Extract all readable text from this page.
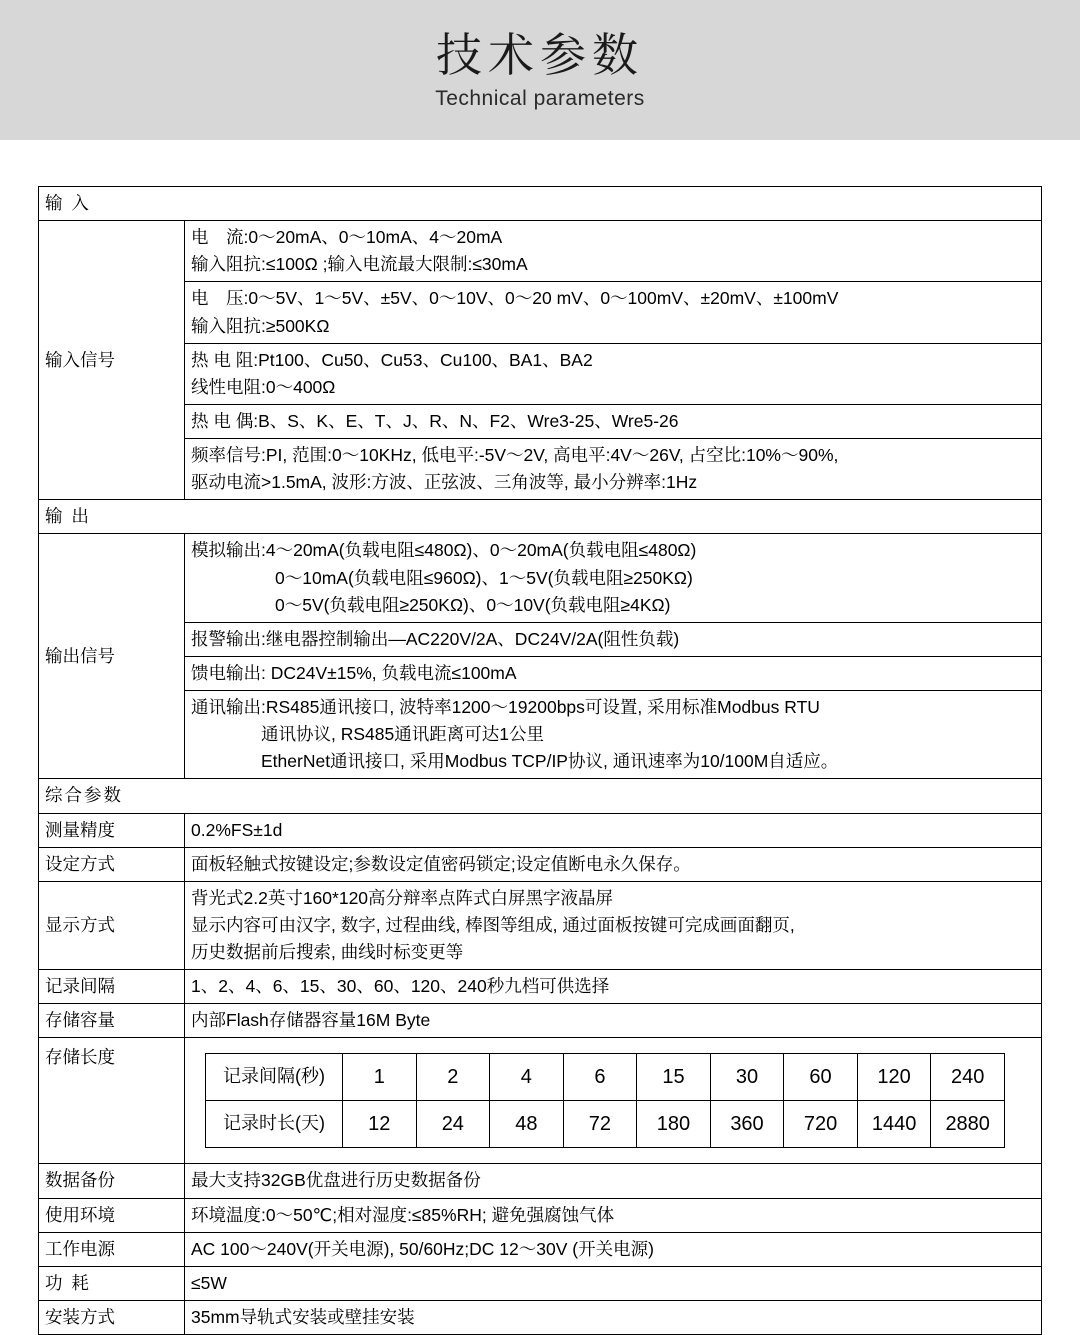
技术参数
Technical parameters
输 入
输入信号	
电　流:0～20mA、0～10mA、4～20mA
输入阻抗:≤100Ω ;输入电流最大限制:≤30mA

电　压:0～5V、1～5V、±5V、0～10V、0～20 mV、0～100mV、±20mV、±100mV
输入阻抗:≥500KΩ

热 电 阻:Pt100、Cu50、Cu53、Cu100、BA1、BA2
线性电阻:0～400Ω

热 电 偶:B、S、K、E、T、J、R、N、F2、Wre3-25、Wre5-26

频率信号:PI, 范围:0～10KHz, 低电平:-5V～2V, 高电平:4V～26V, 占空比:10%～90%,
驱动电流>1.5mA, 波形:方波、正弦波、三角波等, 最小分辨率:1Hz

输 出
输出信号	
模拟输出:4～20mA(负载电阻≤480Ω)、0～20mA(负载电阻≤480Ω)
0～10mA(负载电阻≤960Ω)、1～5V(负载电阻≥250KΩ)
0～5V(负载电阻≥250KΩ)、0～10V(负载电阻≥4KΩ)

报警输出:继电器控制输出—AC220V/2A、DC24V/2A(阻性负载)

馈电输出: DC24V±15%, 负载电流≤100mA

通讯输出:RS485通讯接口, 波特率1200～19200bps可设置, 采用标准Modbus RTU
通讯协议, RS485通讯距离可达1公里
EtherNet通讯接口, 采用Modbus TCP/IP协议, 通讯速率为10/100M自适应。

综合参数
测量精度	0.2%FS±1d
设定方式	面板轻触式按键设定;参数设定值密码锁定;设定值断电永久保存。
显示方式	
背光式2.2英寸160*120高分辩率点阵式白屏黑字液晶屏
显示内容可由汉字, 数字, 过程曲线, 棒图等组成, 通过面板按键可完成画面翻页,
历史数据前后搜索, 曲线时标变更等

记录间隔	1、2、4、6、15、30、60、120、240秒九档可供选择
存储容量	内部Flash存储器容量16M Byte
存储长度	
记录间隔(秒)	1	2	4	6	15	30	60	120	240
记录时长(天)	12	24	48	72	180	360	720	1440	2880

数据备份	最大支持32GB优盘进行历史数据备份
使用环境	环境温度:0～50℃;相对湿度:≤85%RH; 避免强腐蚀气体
工作电源	AC 100～240V(开关电源), 50/60Hz;DC 12～30V (开关电源)
功 耗	≤5W
安装方式	35mm导轨式安装或壁挂安装
